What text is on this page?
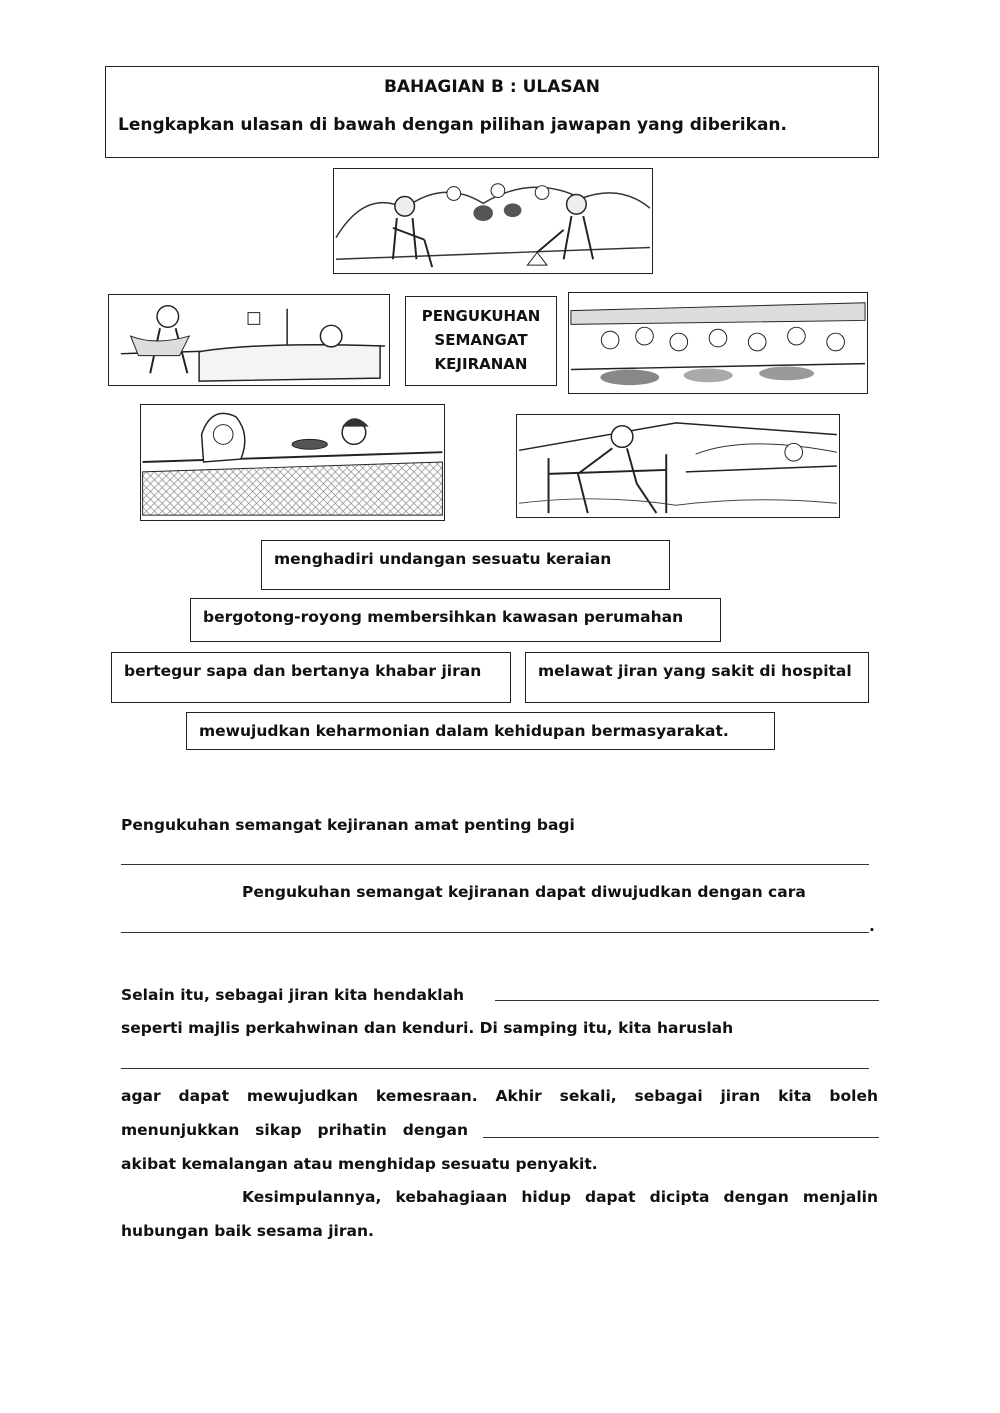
BAHAGIAN B : ULASAN
Lengkapkan ulasan di bawah dengan pilihan jawapan yang diberikan.
PENGUKUHAN
SEMANGAT
KEJIRANAN
menghadiri undangan sesuatu keraian
bergotong-royong membersihkan kawasan perumahan
bertegur sapa dan bertanya khabar jiran	melawat jiran yang sakit di hospital
mewujudkan keharmonian dalam kehidupan bermasyarakat.
Pengukuhan semangat kejiranan amat penting bagi
Pengukuhan semangat kejiranan dapat diwujudkan dengan cara
.
Selain itu, sebagai jiran kita hendaklah
seperti majlis perkahwinan dan kenduri. Di samping itu, kita haruslah
agar dapat mewujudkan kemesraan. Akhir sekali, sebagai jiran kita boleh
menunjukkan sikap prihatin dengan
akibat kemalangan atau menghidap sesuatu penyakit.
Kesimpulannya, kebahagiaan hidup dapat dicipta dengan menjalin
hubungan baik sesama jiran.
